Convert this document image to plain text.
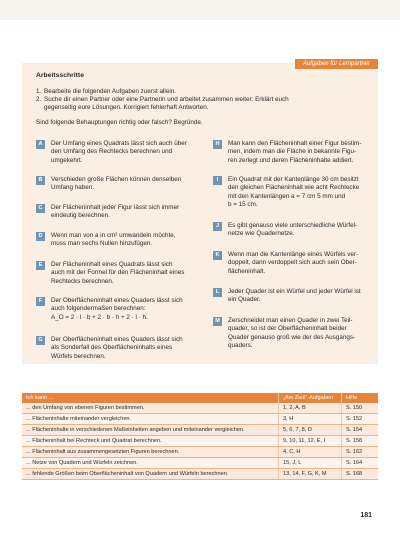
Aufgaben für Lernpartner
Arbeitsschritte
1. Bearbeite die folgenden Aufgaben zuerst allein.
2. Suche dir einen Partner oder eine Partnerin und arbeitet zusammen weiter: Erklärt euch
gegenseitig eure Lösungen. Korrigiert fehlerhaft Antworten.
Sind folgende Behauptungen richtig oder falsch? Begründe.
A	Der Umfang eines Quadrats lässt sich auch über
den Umfang des Rechtecks berechnen und
umgekehrt.
B	Verschieden große Flächen können denselben
Umfang haben.
C	Der Flächeninhalt jeder Figur lässt sich immer
eindeutig berechnen.
D	Wenn man von a in cm² umwandeln möchte,
muss man sechs Nullen hinzufügen.
E	Der Flächeninhalt eines Quadrats lässt sich
auch mit der Formel für den Flächeninhalt eines
Rechtecks berechnen.
F	Der Oberflächeninhalt eines Quaders lässt sich
auch folgendermaßen berechnen:
A_O = 2 · l · b + 2 · b · h + 2 · l · h.
G	Der Oberflächeninhalt eines Quaders lässt sich
als Sonderfall des Oberflächeninhalts eines
Würfels berechnen.
H	Man kann den Flächeninhalt einer Figur bestim-
men, indem man die Fläche in bekannte Figu-
ren zerlegt und deren Flächeninhalte addiert.
I	Ein Quadrat mit der Kantenlänge 30 cm besitzt
den gleichen Flächeninhalt wie acht Rechtecke
mit den Kantenlängen a = 7 cm 5 mm und
b = 15 cm.
J	Es gibt genauso viele unterschiedliche Würfel-
netze wie Quadernetze.
K	Wenn man die Kantenlänge eines Würfels ver-
doppelt, dann verdoppelt sich auch sein Ober-
flächeninhalt.
L	Jeder Quader ist ein Würfel und jeder Würfel ist
ein Quader.
M	Zerschneidet man einen Quader in zwei Teil-
quader, so ist der Oberflächeninhalt beider
Quader genauso groß wie der des Ausgangs-
quaders.
Ich kann ...	„Am Ziel!“-Aufgaben	Hilfe
... den Umfang von ebenen Figuren bestimmen.	1, 2, A, B	S. 150
... Flächeninhalte miteinander vergleichen.	3, H	S. 152
... Flächeninhalte in verschiedenen Maßeinheiten angeben und miteinander vergleichen.	5, 6, 7, 8, D	S. 154
... Flächeninhalt bei Rechteck und Quadrat berechnen.	9, 10, 11, 12, E, I	S. 158
... Flächeninhalt aus zusammengesetzten Figuren berechnen.	4, C, H	S. 162
... Netze von Quadern und Würfeln zeichnen.	15, J, L	S. 164
... fehlende Größen beim Oberflächeninhalt von Quadern und Würfeln berechnen.	13, 14, F, G, K, M	S. 168
181
